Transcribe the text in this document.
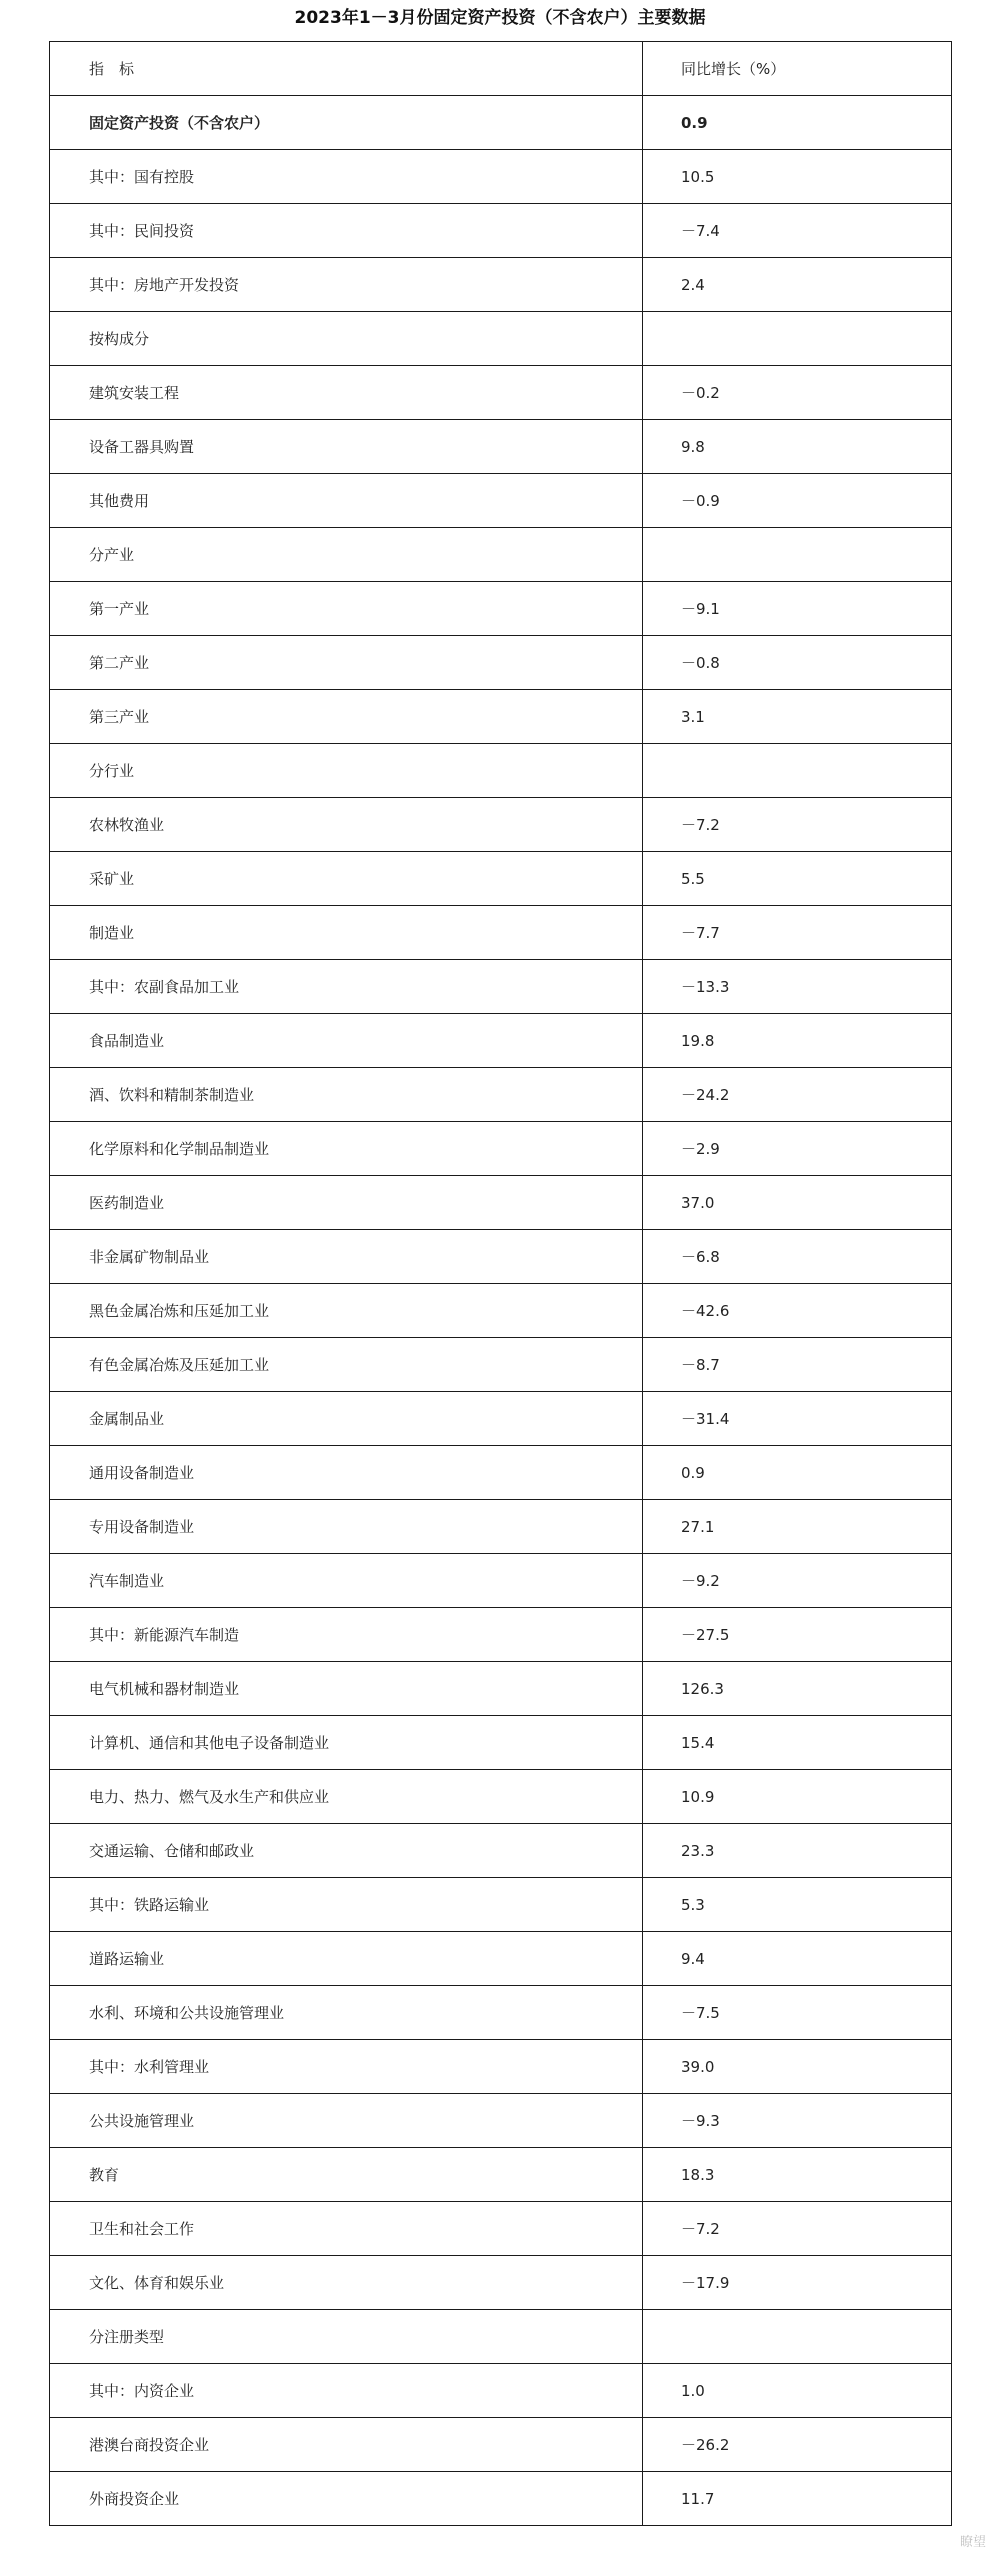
2023年1－3月份固定资产投资（不含农户）主要数据
指　标	同比增长（%）
固定资产投资（不含农户）	0.9
其中：国有控股	10.5
其中：民间投资	－7.4
其中：房地产开发投资	2.4
按构成分	
建筑安装工程	－0.2
设备工器具购置	9.8
其他费用	－0.9
分产业	
第一产业	－9.1
第二产业	－0.8
第三产业	3.1
分行业	
农林牧渔业	－7.2
采矿业	5.5
制造业	－7.7
其中：农副食品加工业	－13.3
食品制造业	19.8
酒、饮料和精制茶制造业	－24.2
化学原料和化学制品制造业	－2.9
医药制造业	37.0
非金属矿物制品业	－6.8
黑色金属冶炼和压延加工业	－42.6
有色金属冶炼及压延加工业	－8.7
金属制品业	－31.4
通用设备制造业	0.9
专用设备制造业	27.1
汽车制造业	－9.2
其中：新能源汽车制造	－27.5
电气机械和器材制造业	126.3
计算机、通信和其他电子设备制造业	15.4
电力、热力、燃气及水生产和供应业	10.9
交通运输、仓储和邮政业	23.3
其中：铁路运输业	5.3
道路运输业	9.4
水利、环境和公共设施管理业	－7.5
其中：水利管理业	39.0
公共设施管理业	－9.3
教育	18.3
卫生和社会工作	－7.2
文化、体育和娱乐业	－17.9
分注册类型	
其中：内资企业	1.0
港澳台商投资企业	－26.2
外商投资企业	11.7
瞭望
